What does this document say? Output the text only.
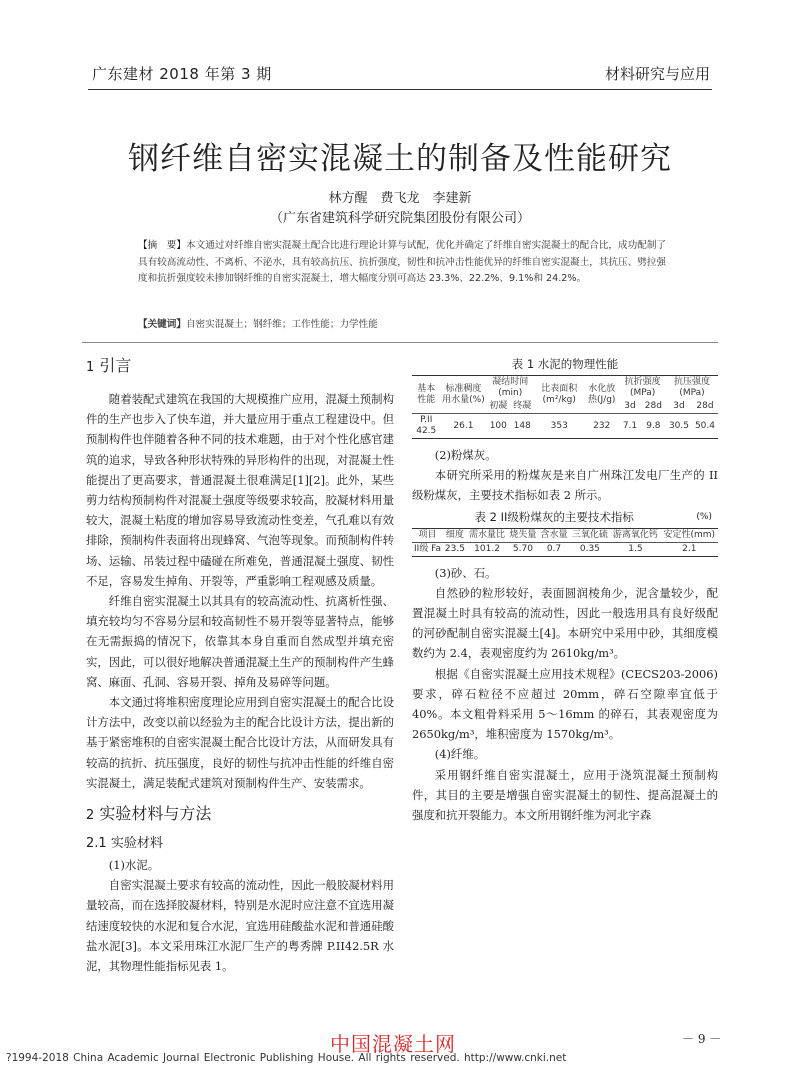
广东建材 2018 年第 3 期	材料研究与应用
钢纤维自密实混凝土的制备及性能研究
林方醒　费飞龙　李建新
（广东省建筑科学研究院集团股份有限公司）
【摘　要】本文通过对纤维自密实混凝土配合比进行理论计算与试配，优化并确定了纤维自密实混凝土的配合比，成功配制了具有较高流动性、不离析、不泌水，具有较高抗压、抗折强度，韧性和抗冲击性能优异的纤维自密实混凝土，其抗压、劈拉强度和抗折强度较未掺加钢纤维的自密实混凝土，增大幅度分别可高达 23.3%、22.2%、9.1%和 24.2%。
【关键词】自密实混凝土；钢纤维；工作性能；力学性能

1 引言

随着装配式建筑在我国的大规模推广应用，混凝土预制构件的生产也步入了快车道，并大量应用于重点工程建设中。但预制构件也伴随着各种不同的技术难题，由于对个性化感官建筑的追求，导致各种形状特殊的异形构件的出现，对混凝土性能提出了更高要求，普通混凝土很难满足[1][2]。此外，某些剪力结构预制构件对混凝土强度等级要求较高，胶凝材料用量较大，混凝土粘度的增加容易导致流动性变差，气孔难以有效排除，预制构件表面将出现蜂窝、气泡等现象。而预制构件转场、运输、吊装过程中磕碰在所难免，普通混凝土强度、韧性不足，容易发生掉角、开裂等，严重影响工程观感及质量。

纤维自密实混凝土以其具有的较高流动性、抗离析性强、填充较均匀不容易分层和较高韧性不易开裂等显著特点，能够在无需振捣的情况下，依靠其本身自重而自然成型并填充密实，因此，可以很好地解决普通混凝土生产的预制构件产生蜂窝、麻面、孔洞、容易开裂、掉角及易碎等问题。

本文通过将堆积密度理论应用到自密实混凝土的配合比设计方法中，改变以前以经验为主的配合比设计方法，提出新的基于紧密堆积的自密实混凝土配合比设计方法，从而研发具有较高的抗折、抗压强度，良好的韧性与抗冲击性能的纤维自密实混凝土，满足装配式建筑对预制构件生产、安装需求。

2 实验材料与方法

2.1 实验材料

(1)水泥。

自密实混凝土要求有较高的流动性，因此一般胶凝材料用量较高，而在选择胶凝材料，特别是水泥时应注意不宜选用凝结速度较快的水泥和复合水泥，宜选用硅酸盐水泥和普通硅酸盐水泥[3]。本文采用珠江水泥厂生产的粤秀牌 P.II42.5R 水泥，其物理性能指标见表 1。

表 1 水泥的物理性能

基本性能	标准稠度用水量(%)	凝结时间(min)		比表面积(m²/kg)	水化放热(J/g)	抗折强度(MPa)		抗压强度(MPa)	
		初凝	终凝			3d	28d	3d	28d
P.II 42.5	26.1	100	148	353	232	7.1	9.8	30.5	50.4

(2)粉煤灰。

本研究所采用的粉煤灰是来自广州珠江发电厂生产的 II 级粉煤灰，主要技术指标如表 2 所示。

表 2 II级粉煤灰的主要技术指标	(%)

项目	细度	需水量比	烧失量	含水量	三氧化硫	游离氧化钙	安定性(mm)
II级 Fa	23.5	101.2	5.70	0.7	0.35	1.5	2.1

(3)砂、石。

自然砂的粒形较好，表面圆润棱角少，泥含量较少，配置混凝土时具有较高的流动性，因此一般选用具有良好级配的河砂配制自密实混凝土[4]。本研究中采用中砂，其细度模数约为 2.4，表观密度约为 2610kg/m³。

根据《自密实混凝土应用技术规程》(CECS203-2006)要求，碎石粒径不应超过 20mm，碎石空隙率宜低于 40%。本文粗骨料采用 5～16mm 的碎石，其表观密度为 2650kg/m³，堆积密度为 1570kg/m³。

(4)纤维。

采用钢纤维自密实混凝土，应用于浇筑混凝土预制构件，其目的主要是增强自密实混凝土的韧性、提高混凝土的强度和抗开裂能力。本文所用钢纤维为河北宇森

中国混凝土网	－ 9 －
?1994-2018 China Academic Journal Electronic Publishing House. All rights reserved. http://www.cnki.net
